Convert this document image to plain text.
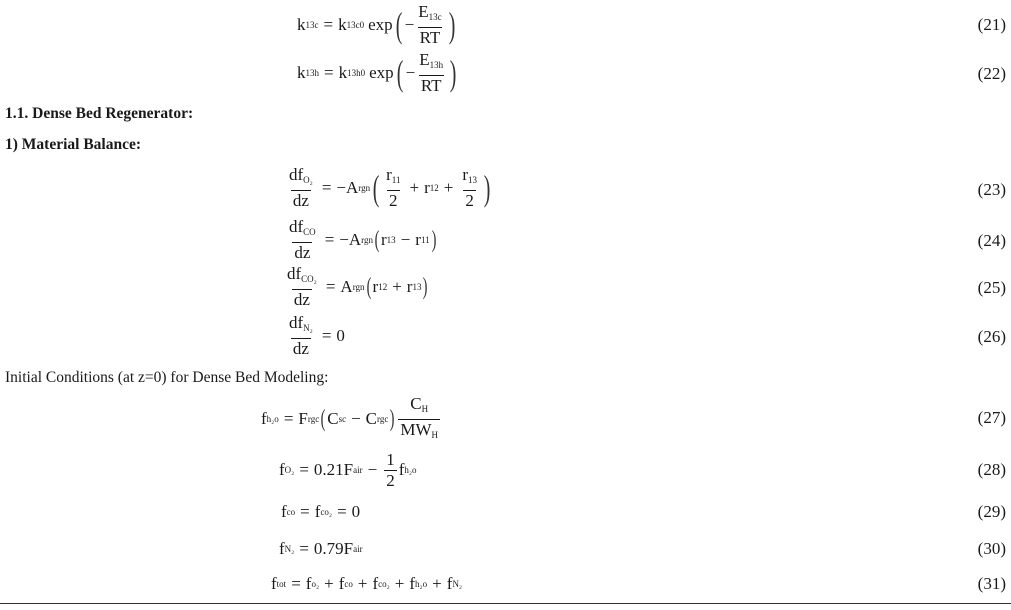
k 13c = k 13c0 exp ( − $\frac{E_{13c}}{RT}$ )	(21)
k 13h = k 13h0 exp ( − $\frac{E_{13h}}{RT}$ )	(22)
1.1. Dense Bed Regenerator:
1) Material Balance:
$\frac{df_{O_2}}{dz}$ = − A rgn ( $\frac{r_{11}}{2} + r$ $12 + \frac{r_{13}}{2}$ )	(23)
$\frac{df_{CO}}{dz}$ = − A rgn ( r 13 − r 11 )	(24)
$\frac{df_{CO_2}}{dz} = A$ rgn ( r 12 + r 13 )	(25)
$\frac{df_{N_2}}{dz} = 0$	(26)
Initial Conditions (at z=0) for Dense Bed Modeling:
f h₂o = F rgc ( C sc − C rgc ) $\frac{C_H}{MW_H}$	(27)
f O₂ = 0.21 F air − $\frac{1}{2}$ f h₂o	(28)
f co = f co₂ = 0	(29)
f N₂ = 0.79 F air	(30)
f tot = f o₂ + f co + f co₂ + f h₂o + f N₂	(31)
